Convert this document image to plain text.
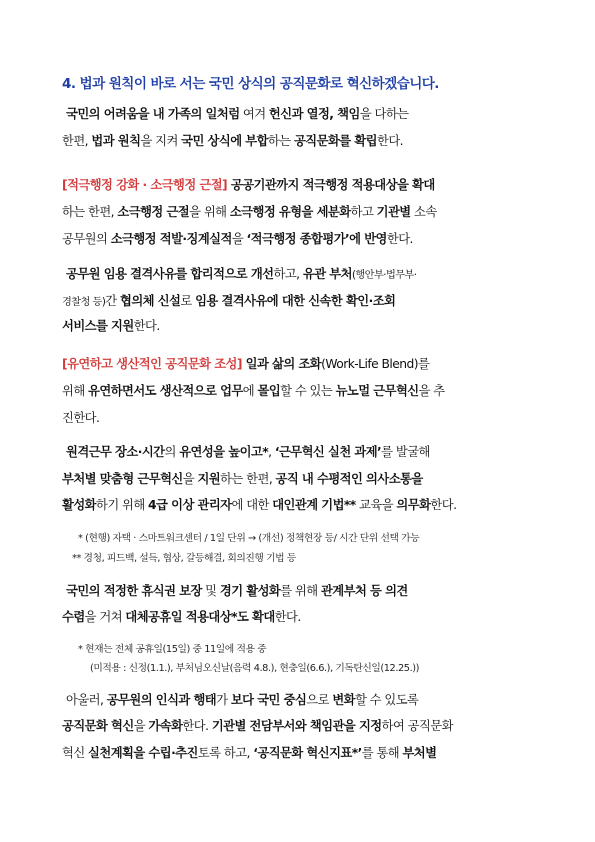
4. 법과 원칙이 바로 서는 국민 상식의 공직문화로 혁신하겠습니다.
국민의 어려움을 내 가족의 일처럼 여겨 헌신과 열정, 책임을 다하는
한편, 법과 원칙을 지켜 국민 상식에 부합하는 공직문화를 확립한다.
[적극행정 강화 · 소극행정 근절] 공공기관까지 적극행정 적용대상을 확대
하는 한편, 소극행정 근절을 위해 소극행정 유형을 세분화하고 기관별 소속
공무원의 소극행정 적발·징계실적을 ‘적극행정 종합평가’에 반영한다.
공무원 임용 결격사유를 합리적으로 개선하고, 유관 부처(행안부·법무부·
경찰청 등)간 협의체 신설로 임용 결격사유에 대한 신속한 확인·조회
서비스를 지원한다.
[유연하고 생산적인 공직문화 조성] 일과 삶의 조화(Work-Life Blend)를
위해 유연하면서도 생산적으로 업무에 몰입할 수 있는 뉴노멀 근무혁신을 추
진한다.
원격근무 장소·시간의 유연성을 높이고*, ‘근무혁신 실천 과제’를 발굴해
부처별 맞춤형 근무혁신을 지원하는 한편, 공직 내 수평적인 의사소통을
활성화하기 위해 4급 이상 관리자에 대한 대인관계 기법** 교육을 의무화한다.
* (현행) 자택 · 스마트워크센터 / 1일 단위 → (개선) 정책현장 등/ 시간 단위 선택 가능
** 경청, 피드백, 설득, 협상, 갈등해결, 회의진행 기법 등
국민의 적정한 휴식권 보장 및 경기 활성화를 위해 관계부처 등 의견
수렴을 거쳐 대체공휴일 적용대상*도 확대한다.
* 현재는 전체 공휴일(15일) 중 11일에 적용 중
(미적용 : 신정(1.1.), 부처님오신날(음력 4.8.), 현충일(6.6.), 기독탄신일(12.25.))
아울러, 공무원의 인식과 행태가 보다 국민 중심으로 변화할 수 있도록
공직문화 혁신을 가속화한다. 기관별 전담부서와 책임관을 지정하여 공직문화
혁신 실천계획을 수립·추진토록 하고, ‘공직문화 혁신지표*’를 통해 부처별
